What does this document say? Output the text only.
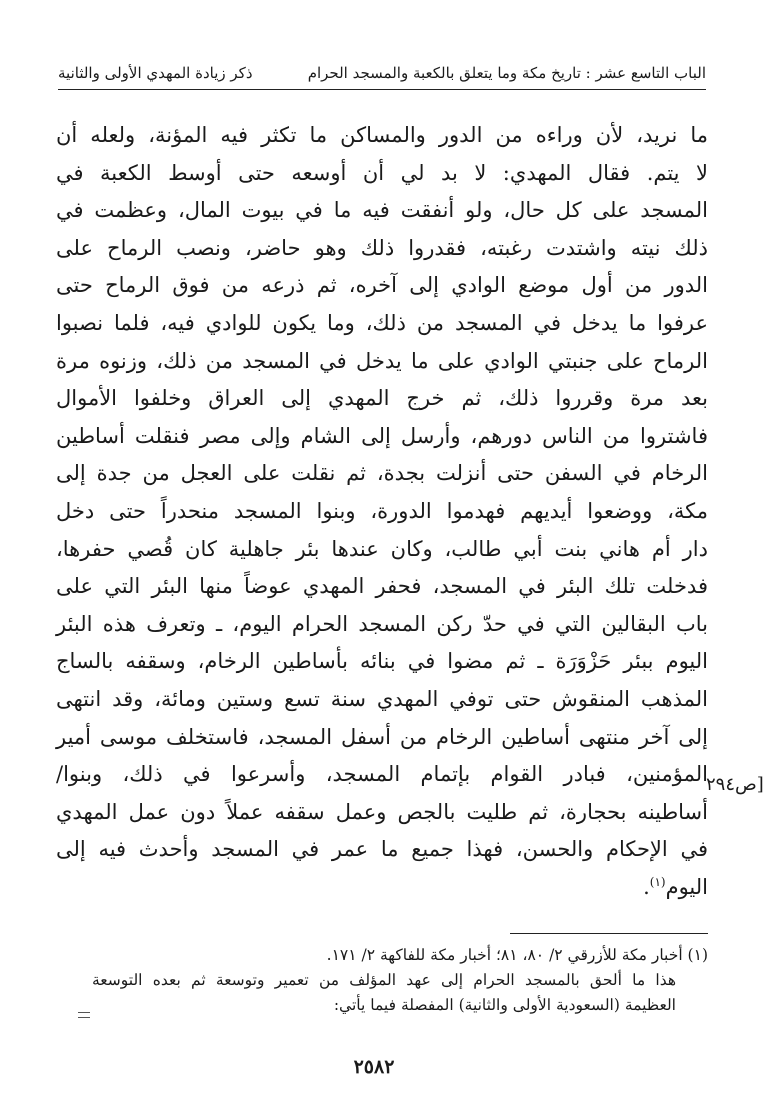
الباب التاسع عشر : تاريخ مكة وما يتعلق بالكعبة والمسجد الحرام
ذكر زيادة المهدي الأولى والثانية
ما نريد، لأن وراءه من الدور والمساكن ما تكثر فيه المؤنة، ولعله أن
لا يتم. فقال المهدي: لا بد لي أن أوسعه حتى أوسط الكعبة في
المسجد على كل حال، ولو أنفقت فيه ما في بيوت المال، وعظمت في
ذلك نيته واشتدت رغبته، فقدروا ذلك وهو حاضر، ونصب الرماح على
الدور من أول موضع الوادي إلى آخره، ثم ذرعه من فوق الرماح حتى
عرفوا ما يدخل في المسجد من ذلك، وما يكون للوادي فيه، فلما نصبوا
الرماح على جنبتي الوادي على ما يدخل في المسجد من ذلك، وزنوه مرة
بعد مرة وقرروا ذلك، ثم خرج المهدي إلى العراق وخلفوا الأموال
فاشتروا من الناس دورهم، وأرسل إلى الشام وإلى مصر فنقلت أساطين
الرخام في السفن حتى أنزلت بجدة، ثم نقلت على العجل من جدة إلى
مكة، ووضعوا أيديهم فهدموا الدورة، وبنوا المسجد منحدراً حتى دخل
دار أم هاني بنت أبي طالب، وكان عندها بئر جاهلية كان قُصي حفرها،
فدخلت تلك البئر في المسجد، فحفر المهدي عوضاً منها البئر التي على
باب البقالين التي في حدّ ركن المسجد الحرام اليوم، ـ وتعرف هذه البئر
اليوم ببئر حَزْوَرَة ـ ثم مضوا في بنائه بأساطين الرخام، وسقفه بالساج
المذهب المنقوش حتى توفي المهدي سنة تسع وستين ومائة، وقد انتهى
إلى آخر منتهى أساطين الرخام من أسفل المسجد، فاستخلف موسى أمير
المؤمنين، فبادر القوام بإتمام المسجد، وأسرعوا في ذلك، وبنوا/
أساطينه بحجارة، ثم طليت بالجص وعمل سقفه عملاً دون عمل المهدي
في الإحكام والحسن، فهذا جميع ما عمر في المسجد وأحدث فيه إلى
اليوم$^{(١)}$.
[ص٢٩٤
(١) أخبار مكة للأزرقي ٢/ ٨٠، ٨١؛ أخبار مكة للفاكهة ٢/ ١٧١.
هذا ما ألحق بالمسجد الحرام إلى عهد المؤلف من تعمير وتوسعة ثم بعده التوسعة
العظيمة (السعودية الأولى والثانية) المفصلة فيما يأتي:
٢٥٨٢
